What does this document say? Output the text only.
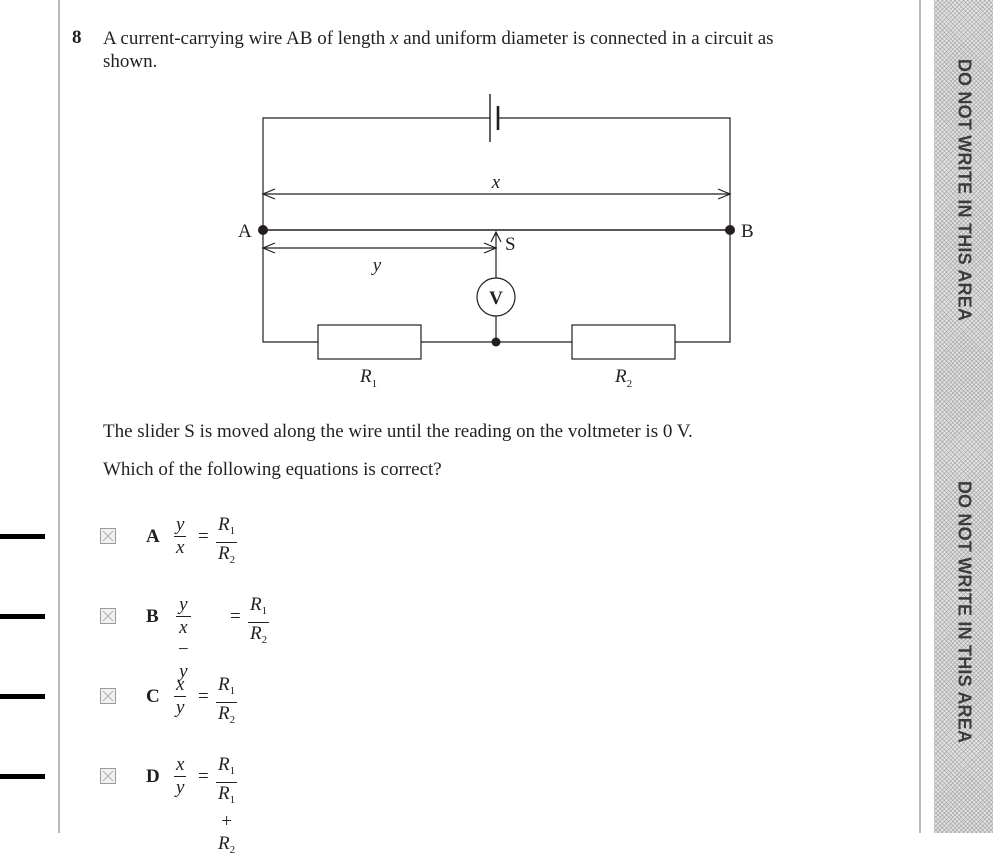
DO NOT WRITE IN THIS AREA
DO NOT WRITE IN THIS AREA
8 A current-carrying wire AB of length x and uniform diameter is connected in a circuit as shown.
x
y
A	B
S
V
$R_1$	$R_2$
The slider S is moved along the wire until the reading on the voltmeter is 0 V.
Which of the following equations is correct?
A $\frac{y}{x} = \frac{R_1}{R_2}$
B $\frac{y}{x - y} = \frac{R_1}{R_2}$
C $\frac{x}{y} = \frac{R_1}{R_2}$
D $\frac{x}{y} = \frac{R_1}{R_1 + R_2}$
